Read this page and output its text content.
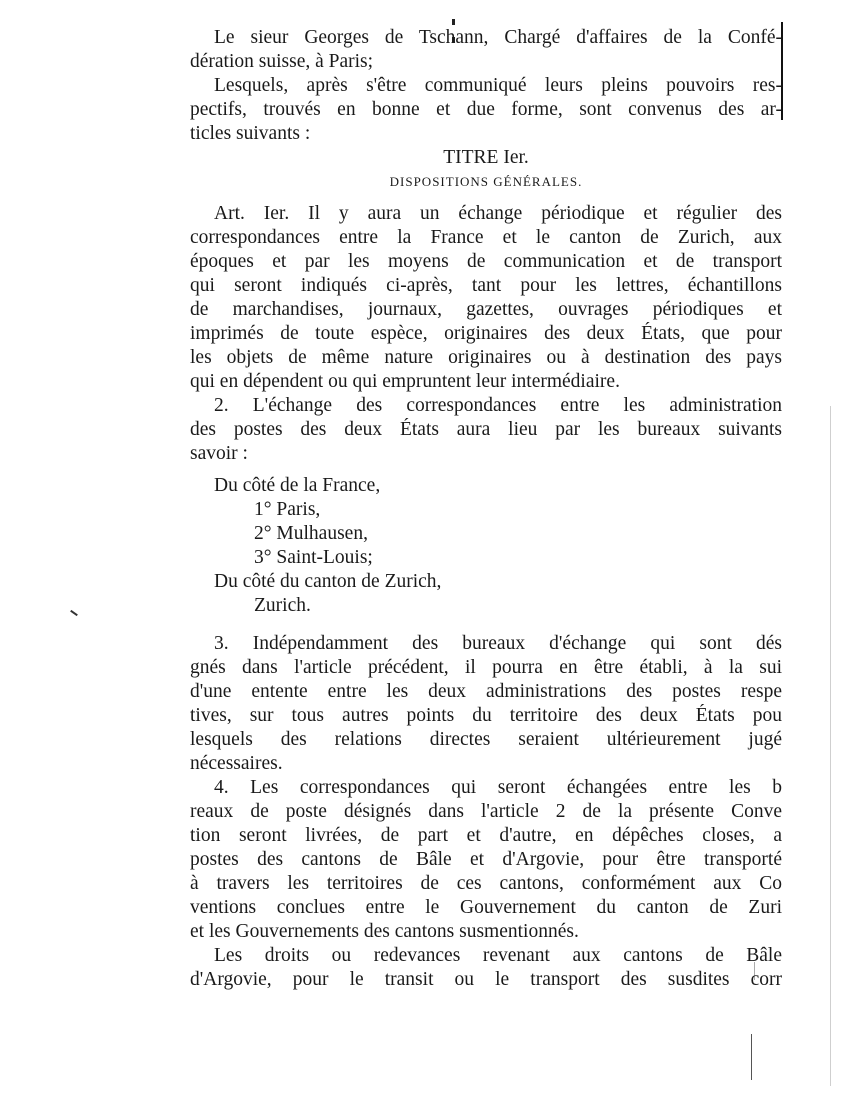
Le sieur Georges de Tschann, Chargé d'affaires de la Confé-
dération suisse, à Paris;
Lesquels, après s'être communiqué leurs pleins pouvoirs res-
pectifs, trouvés en bonne et due forme, sont convenus des ar-
ticles suivants :
TITRE Ier.
DISPOSITIONS GÉNÉRALES.
Art. Ier. Il y aura un échange périodique et régulier des
correspondances entre la France et le canton de Zurich, aux
époques et par les moyens de communication et de transport
qui seront indiqués ci-après, tant pour les lettres, échantillons
de marchandises, journaux, gazettes, ouvrages périodiques et
imprimés de toute espèce, originaires des deux États, que pour
les objets de même nature originaires ou à destination des pays
qui en dépendent ou qui empruntent leur intermédiaire.
2. L'échange des correspondances entre les administration
des postes des deux États aura lieu par les bureaux suivants
savoir :
Du côté de la France,
1° Paris,
2° Mulhausen,
3° Saint-Louis;
Du côté du canton de Zurich,
Zurich.
3. Indépendamment des bureaux d'échange qui sont dés
gnés dans l'article précédent, il pourra en être établi, à la sui
d'une entente entre les deux administrations des postes respe
tives, sur tous autres points du territoire des deux États pou
lesquels des relations directes seraient ultérieurement jugé
nécessaires.
4. Les correspondances qui seront échangées entre les b
reaux de poste désignés dans l'article 2 de la présente Conve
tion seront livrées, de part et d'autre, en dépêches closes, a
postes des cantons de Bâle et d'Argovie, pour être transporté
à travers les territoires de ces cantons, conformément aux Co
ventions conclues entre le Gouvernement du canton de Zuri
et les Gouvernements des cantons susmentionnés.
Les droits ou redevances revenant aux cantons de Bâle
d'Argovie, pour le transit ou le transport des susdites corr
